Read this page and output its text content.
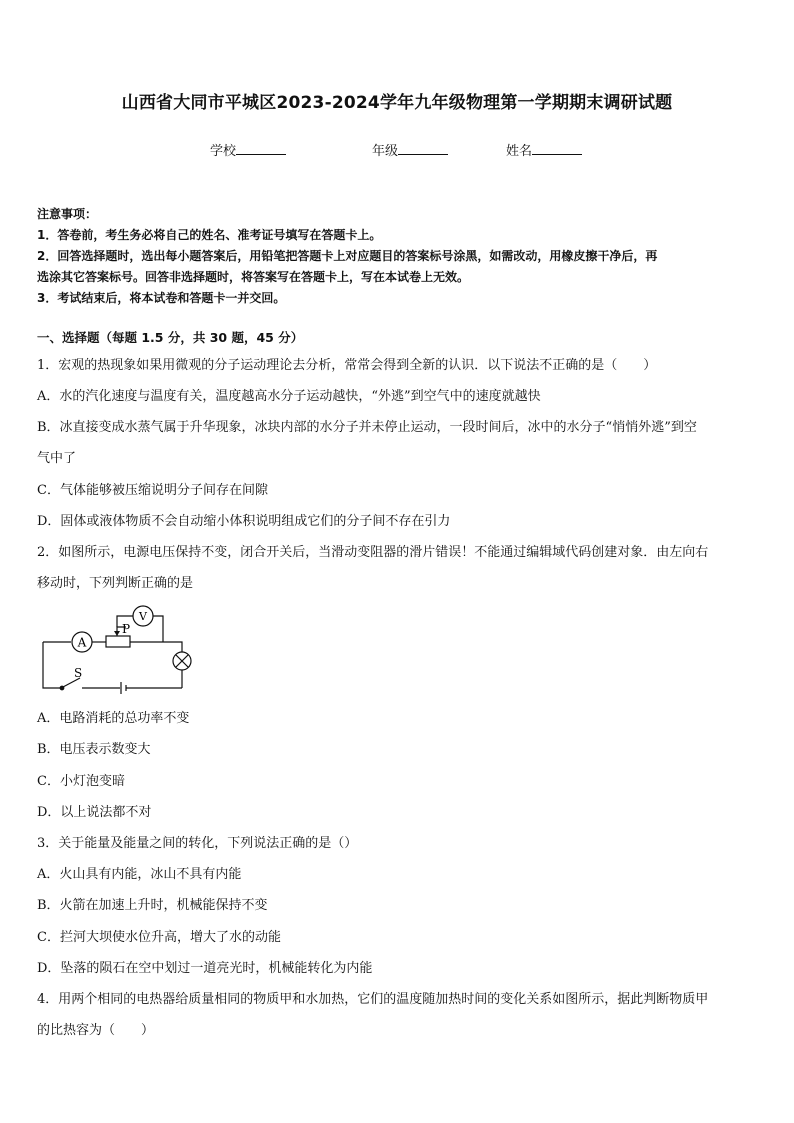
山西省大同市平城区2023-2024学年九年级物理第一学期期末调研试题
学校	年级	姓名

注意事项：

1．答卷前，考生务必将自己的姓名、准考证号填写在答题卡上。

2．回答选择题时，选出每小题答案后，用铅笔把答题卡上对应题目的答案标号涂黑，如需改动，用橡皮擦干净后，再

选涂其它答案标号。回答非选择题时，将答案写在答题卡上，写在本试卷上无效。

3．考试结束后，将本试卷和答题卡一并交回。

一、选择题（每题 1.5 分，共 30 题，45 分）
1．宏观的热现象如果用微观的分子运动理论去分析，常常会得到全新的认识．以下说法不正确的是（　　）
A．水的汽化速度与温度有关，温度越高水分子运动越快，“外逃”到空气中的速度就越快
B．冰直接变成水蒸气属于升华现象，冰块内部的水分子并未停止运动，一段时间后，冰中的水分子“悄悄外逃”到空
气中了
C．气体能够被压缩说明分子间存在间隙
D．固体或液体物质不会自动缩小体积说明组成它们的分子间不存在引力
2．如图所示，电源电压保持不变，闭合开关后，当滑动变阻器的滑片错误！不能通过编辑域代码创建对象．由左向右
移动时，下列判断正确的是
A
V
P
S
A．电路消耗的总功率不变
B．电压表示数变大
C．小灯泡变暗
D．以上说法都不对
3．关于能量及能量之间的转化，下列说法正确的是（）
A．火山具有内能，冰山不具有内能
B．火箭在加速上升时，机械能保持不变
C．拦河大坝使水位升高，增大了水的动能
D．坠落的陨石在空中划过一道亮光时，机械能转化为内能
4．用两个相同的电热器给质量相同的物质甲和水加热，它们的温度随加热时间的变化关系如图所示，据此判断物质甲
的比热容为（　　）
